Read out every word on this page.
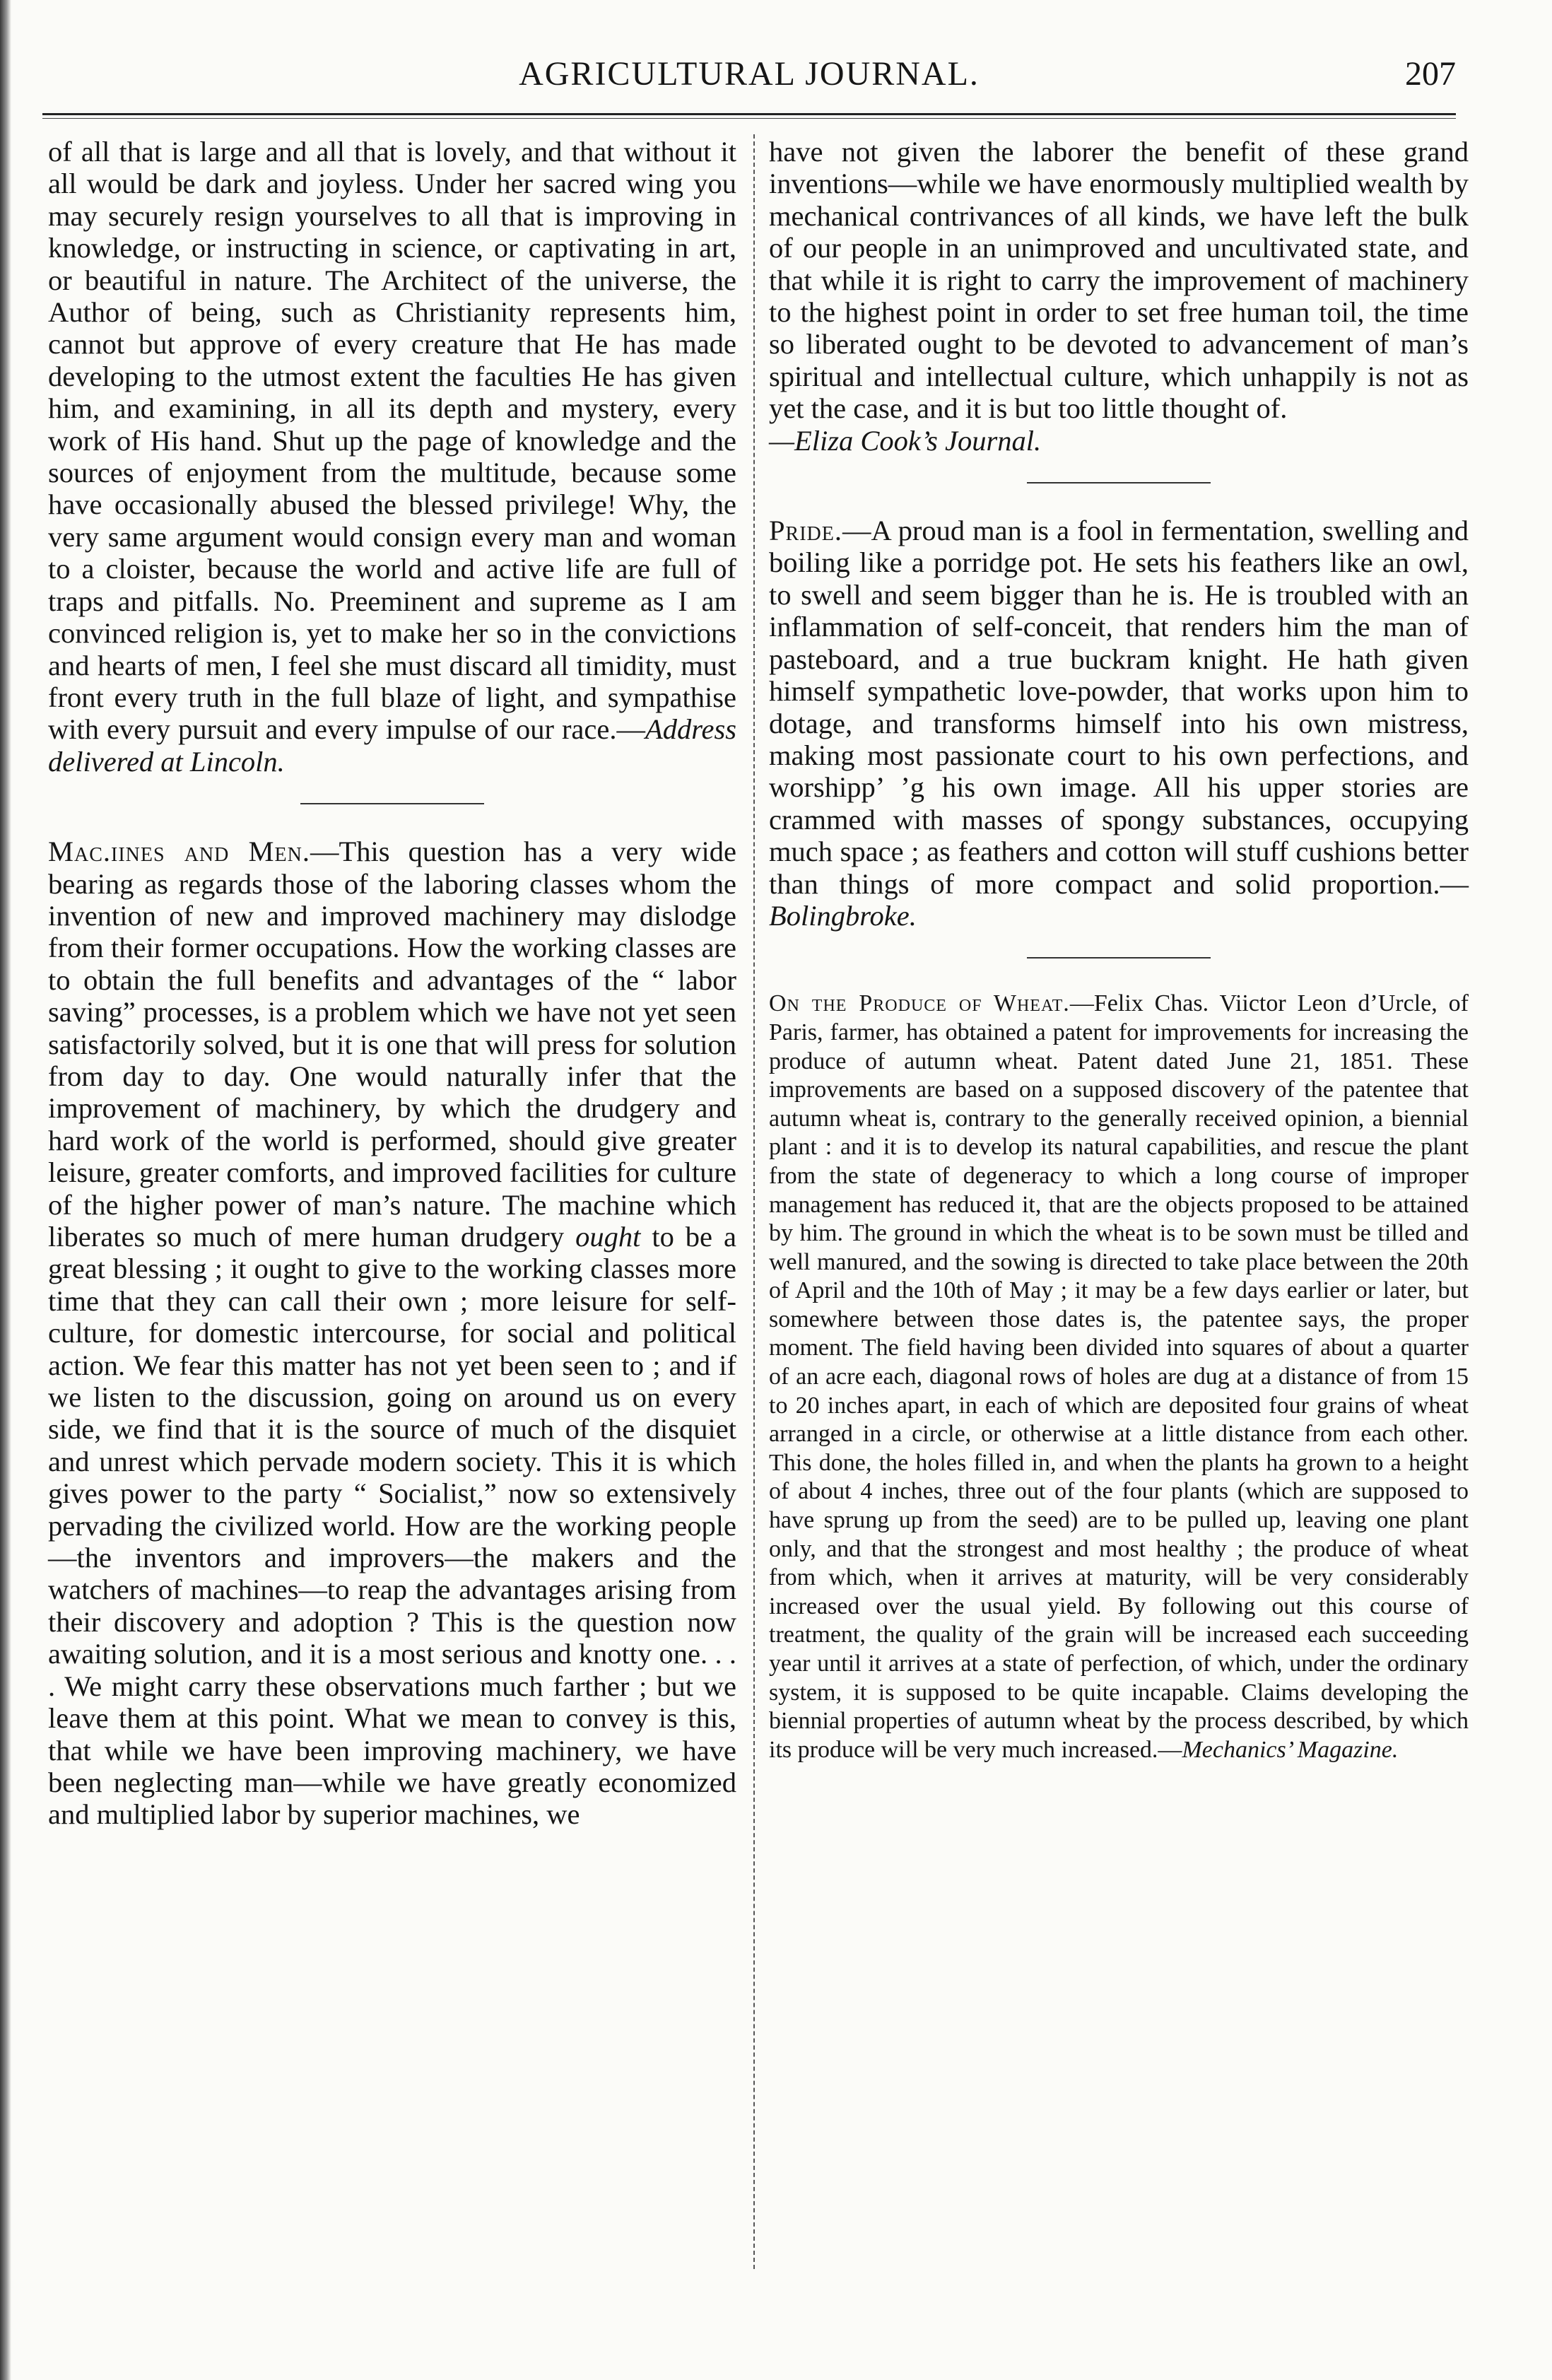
AGRICULTURAL JOURNAL.	207

of all that is large and all that is lovely, and that without it all would be dark and joyless. Under her sacred wing you may securely resign yourselves to all that is improving in knowledge, or instructing in science, or captivating in art, or beautiful in nature. The Architect of the universe, the Author of being, such as Christianity represents him, cannot but approve of every creature that He has made developing to the utmost extent the faculties He has given him, and examining, in all its depth and mystery, every work of His hand. Shut up the page of knowledge and the sources of enjoyment from the multitude, because some have occasionally abused the blessed privilege! Why, the very same argument would consign every man and woman to a cloister, because the world and active life are full of traps and pitfalls. No. Preeminent and supreme as I am convinced religion is, yet to make her so in the convictions and hearts of men, I feel she must discard all timidity, must front every truth in the full blaze of light, and sympathise with every pursuit and every impulse of our race.—Address delivered at Lincoln.

Mac.iines and Men.—This question has a very wide bearing as regards those of the laboring classes whom the invention of new and improved machinery may dislodge from their former occupations. How the working classes are to obtain the full benefits and advantages of the “ labor saving” processes, is a problem which we have not yet seen satisfactorily solved, but it is one that will press for solution from day to day. One would naturally infer that the improvement of machinery, by which the drudgery and hard work of the world is performed, should give greater leisure, greater comforts, and improved facilities for culture of the higher power of man’s nature. The machine which liberates so much of mere human drudgery ought to be a great blessing ; it ought to give to the working classes more time that they can call their own ; more leisure for self-culture, for domestic intercourse, for social and political action. We fear this matter has not yet been seen to ; and if we listen to the discussion, going on around us on every side, we find that it is the source of much of the disquiet and unrest which pervade modern society. This it is which gives power to the party “ Socialist,” now so extensively pervading the civilized world. How are the working people—the inventors and improvers—the makers and the watchers of machines—to reap the advantages arising from their discovery and adoption ? This is the question now awaiting solution, and it is a most serious and knotty one. . . . We might carry these observations much farther ; but we leave them at this point. What we mean to convey is this, that while we have been improving machinery, we have been neglecting man—while we have greatly economized and multiplied labor by superior machines, we

have not given the laborer the benefit of these grand inventions—while we have enormously multiplied wealth by mechanical contrivances of all kinds, we have left the bulk of our people in an unimproved and uncultivated state, and that while it is right to carry the improvement of machinery to the highest point in order to set free human toil, the time so liberated ought to be devoted to advancement of man’s spiritual and intellectual culture, which unhappily is not as yet the case, and it is but too little thought of.
—Eliza Cook’s Journal.

Pride.—A proud man is a fool in fermentation, swelling and boiling like a porridge pot. He sets his feathers like an owl, to swell and seem bigger than he is. He is troubled with an inflammation of self-conceit, that renders him the man of pasteboard, and a true buckram knight. He hath given himself sympathetic love-powder, that works upon him to dotage, and transforms himself into his own mistress, making most passionate court to his own perfections, and worshipp’ ’g his own image. All his upper stories are crammed with masses of spongy substances, occupying much space ; as feathers and cotton will stuff cushions better than things of more compact and solid proportion.—Bolingbroke.

On the Produce of Wheat.—Felix Chas. Viictor Leon d’Urcle, of Paris, farmer, has obtained a patent for improvements for increasing the produce of autumn wheat. Patent dated June 21, 1851. These improvements are based on a supposed discovery of the patentee that autumn wheat is, contrary to the generally received opinion, a biennial plant : and it is to develop its natural capabilities, and rescue the plant from the state of degeneracy to which a long course of improper management has reduced it, that are the objects proposed to be attained by him. The ground in which the wheat is to be sown must be tilled and well manured, and the sowing is directed to take place between the 20th of April and the 10th of May ; it may be a few days earlier or later, but somewhere between those dates is, the patentee says, the proper moment. The field having been divided into squares of about a quarter of an acre each, diagonal rows of holes are dug at a distance of from 15 to 20 inches apart, in each of which are deposited four grains of wheat arranged in a circle, or otherwise at a little distance from each other. This done, the holes filled in, and when the plants ha grown to a height of about 4 inches, three out of the four plants (which are supposed to have sprung up from the seed) are to be pulled up, leaving one plant only, and that the strongest and most healthy ; the produce of wheat from which, when it arrives at maturity, will be very considerably increased over the usual yield. By following out this course of treatment, the quality of the grain will be increased each succeeding year until it arrives at a state of perfection, of which, under the ordinary system, it is supposed to be quite incapable. Claims developing the biennial properties of autumn wheat by the process described, by which its produce will be very much increased.—Mechanics’ Magazine.
